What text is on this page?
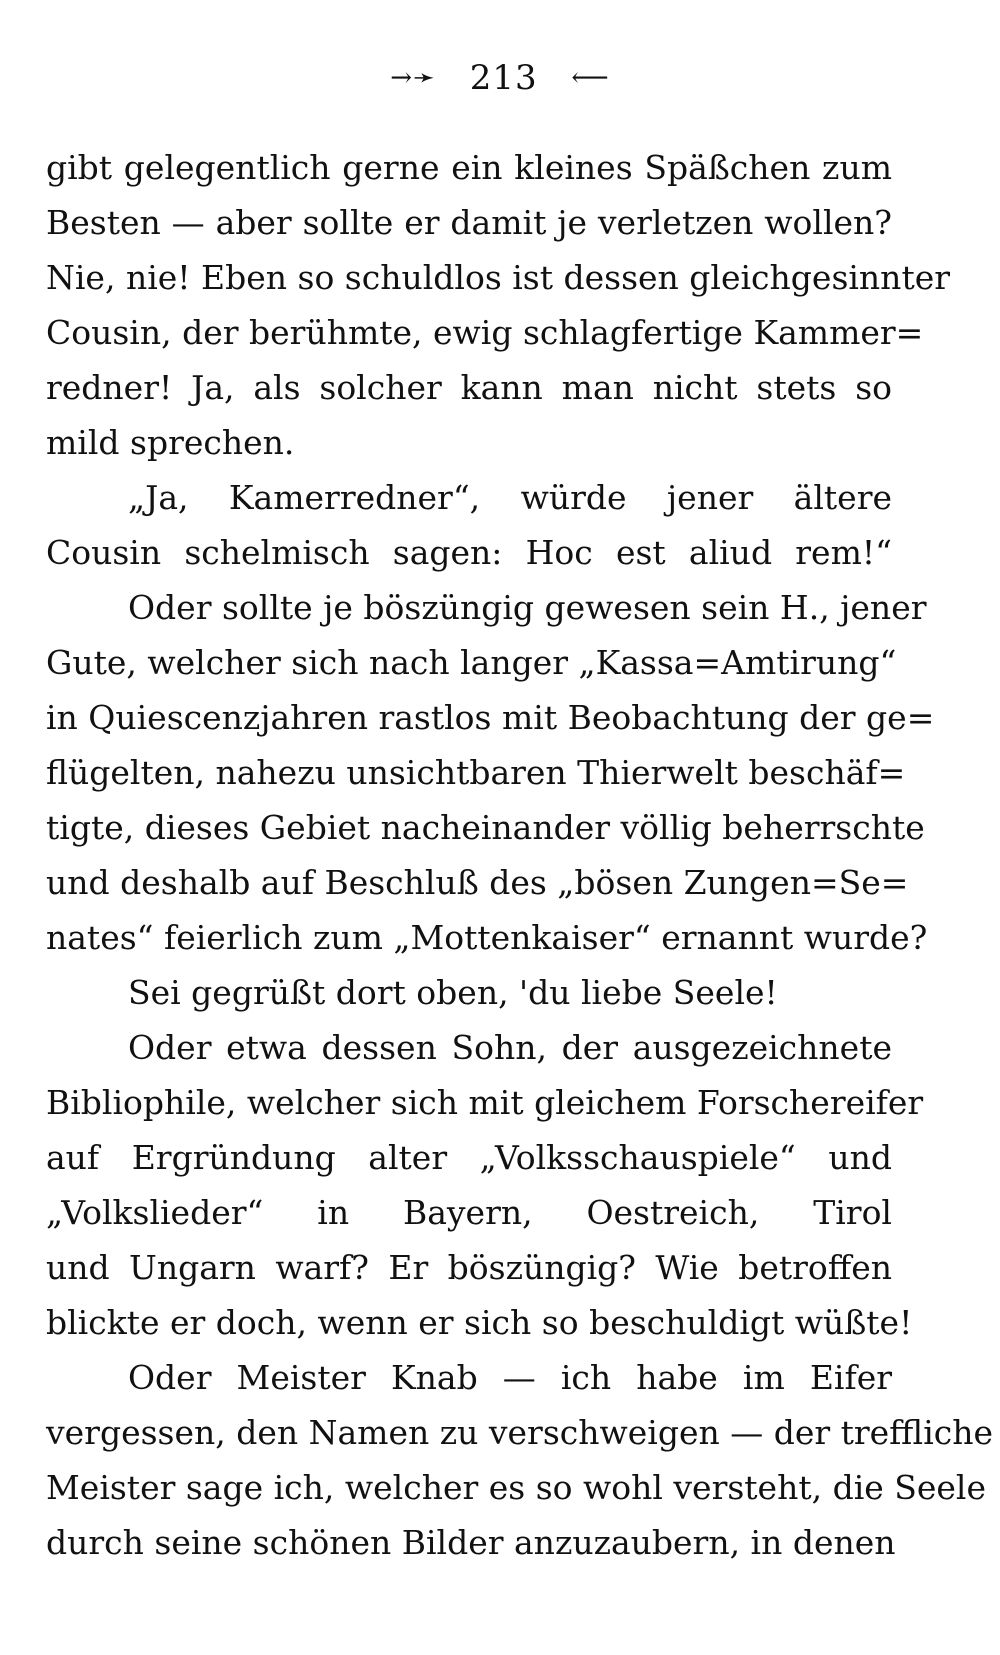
→➛ 213 ⟵
gibt gelegentlich gerne ein kleines Späßchen zum
Besten — aber sollte er damit je verletzen wollen?
Nie, nie! Eben so schuldlos ist dessen gleichgesinnter
Cousin, der berühmte, ewig schlagfertige Kammer=
redner! Ja, als solcher kann man nicht stets so
mild sprechen.
„Ja, Kamerredner“, würde jener ältere
Cousin schelmisch sagen: Hoc est aliud rem!“
Oder sollte je böszüngig gewesen sein H., jener
Gute, welcher sich nach langer „Kassa=Amtirung“
in Quiescenzjahren rastlos mit Beobachtung der ge=
flügelten, nahezu unsichtbaren Thierwelt beschäf=
tigte, dieses Gebiet nacheinander völlig beherrschte
und deshalb auf Beschluß des „bösen Zungen=Se=
nates“ feierlich zum „Mottenkaiser“ ernannt wurde?
Sei gegrüßt dort oben, 'du liebe Seele!
Oder etwa dessen Sohn, der ausgezeichnete
Bibliophile, welcher sich mit gleichem Forschereifer
auf Ergründung alter „Volksschauspiele“ und
„Volkslieder“ in Bayern, Oestreich, Tirol
und Ungarn warf? Er böszüngig? Wie betroffen
blickte er doch, wenn er sich so beschuldigt wüßte!
Oder Meister Knab — ich habe im Eifer
vergessen, den Namen zu verschweigen — der treffliche
Meister sage ich, welcher es so wohl versteht, die Seele
durch seine schönen Bilder anzuzaubern, in denen
